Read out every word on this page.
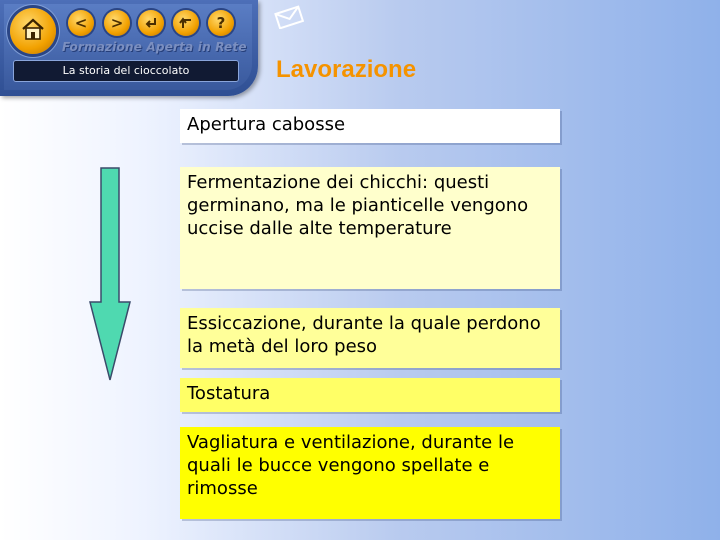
< >	?
Formazione Aperta in Rete
La storia del cioccolato	Lavorazione
Apertura cabosse
Fermentazione dei chicchi: questi germinano, ma le pianticelle vengono uccise dalle alte temperature
Essiccazione, durante la quale perdono la metà del loro peso
Tostatura
Vagliatura e ventilazione, durante le quali le bucce vengono spellate e rimosse
